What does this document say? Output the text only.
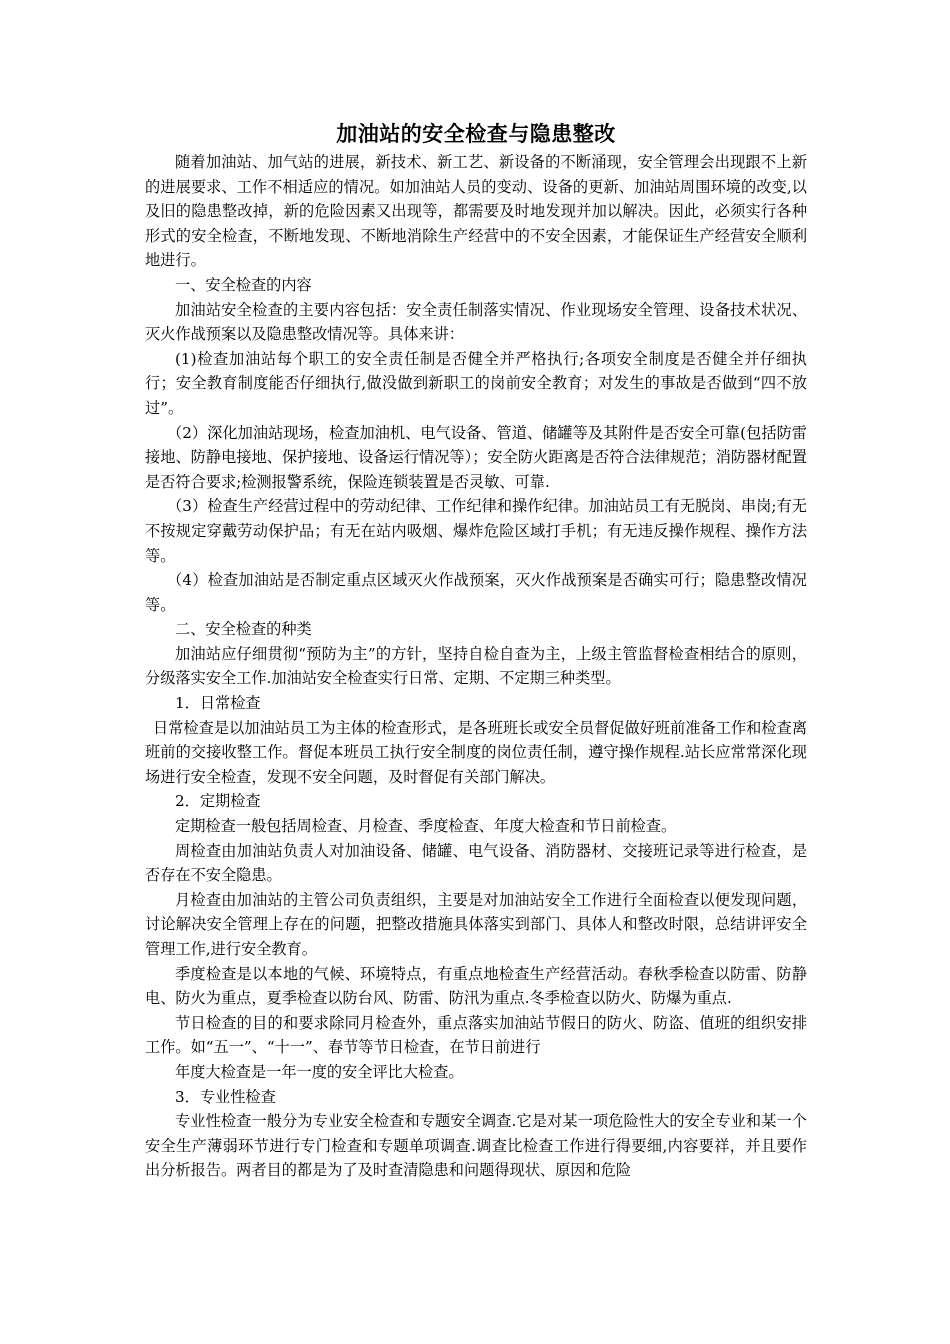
加油站的安全检查与隐患整改

随着加油站、加气站的进展，新技术、新工艺、新设备的不断涌现，安全管理会出现跟不上新的进展要求、工作不相适应的情况。如加油站人员的变动、设备的更新、加油站周围环境的改变,以及旧的隐患整改掉，新的危险因素又出现等，都需要及时地发现并加以解决。因此，必须实行各种形式的安全检查，不断地发现、不断地消除生产经营中的不安全因素，才能保证生产经营安全顺利地进行。

一、安全检查的内容

加油站安全检查的主要内容包括：安全责任制落实情况、作业现场安全管理、设备技术状况、灭火作战预案以及隐患整改情况等。具体来讲：

(1)检查加油站每个职工的安全责任制是否健全并严格执行;各项安全制度是否健全并仔细执行；安全教育制度能否仔细执行,做没做到新职工的岗前安全教育；对发生的事故是否做到“四不放过”。

（2）深化加油站现场，检查加油机、电气设备、管道、储罐等及其附件是否安全可靠(包括防雷接地、防静电接地、保护接地、设备运行情况等）；安全防火距离是否符合法律规范；消防器材配置是否符合要求;检测报警系统，保险连锁装置是否灵敏、可靠.

（3）检查生产经营过程中的劳动纪律、工作纪律和操作纪律。加油站员工有无脱岗、串岗;有无不按规定穿戴劳动保护品；有无在站内吸烟、爆炸危险区域打手机；有无违反操作规程、操作方法等。

（4）检查加油站是否制定重点区域灭火作战预案，灭火作战预案是否确实可行；隐患整改情况等。

二、安全检查的种类

加油站应仔细贯彻“预防为主”的方针，坚持自检自查为主，上级主管监督检查相结合的原则，分级落实安全工作.加油站安全检查实行日常、定期、不定期三种类型。

1．日常检查

日常检查是以加油站员工为主体的检查形式，是各班班长或安全员督促做好班前准备工作和检查离班前的交接收整工作。督促本班员工执行安全制度的岗位责任制，遵守操作规程.站长应常常深化现场进行安全检查，发现不安全问题，及时督促有关部门解决。

2．定期检查

定期检查一般包括周检查、月检查、季度检查、年度大检查和节日前检查。

周检查由加油站负责人对加油设备、储罐、电气设备、消防器材、交接班记录等进行检查，是否存在不安全隐患。

月检查由加油站的主管公司负责组织，主要是对加油站安全工作进行全面检查以便发现问题，讨论解决安全管理上存在的问题，把整改措施具体落实到部门、具体人和整改时限，总结讲评安全管理工作,进行安全教育。

季度检查是以本地的气候、环境特点，有重点地检查生产经营活动。春秋季检查以防雷、防静电、防火为重点，夏季检查以防台风、防雷、防汛为重点.冬季检查以防火、防爆为重点.

节日检查的目的和要求除同月检查外，重点落实加油站节假日的防火、防盗、值班的组织安排工作。如“五一”、“十一”、春节等节日检查，在节日前进行

年度大检查是一年一度的安全评比大检查。

3．专业性检查

专业性检查一般分为专业安全检查和专题安全调查.它是对某一项危险性大的安全专业和某一个安全生产薄弱环节进行专门检查和专题单项调查.调查比检查工作进行得要细,内容要祥，并且要作出分析报告。两者目的都是为了及时查清隐患和问题得现状、原因和危险
